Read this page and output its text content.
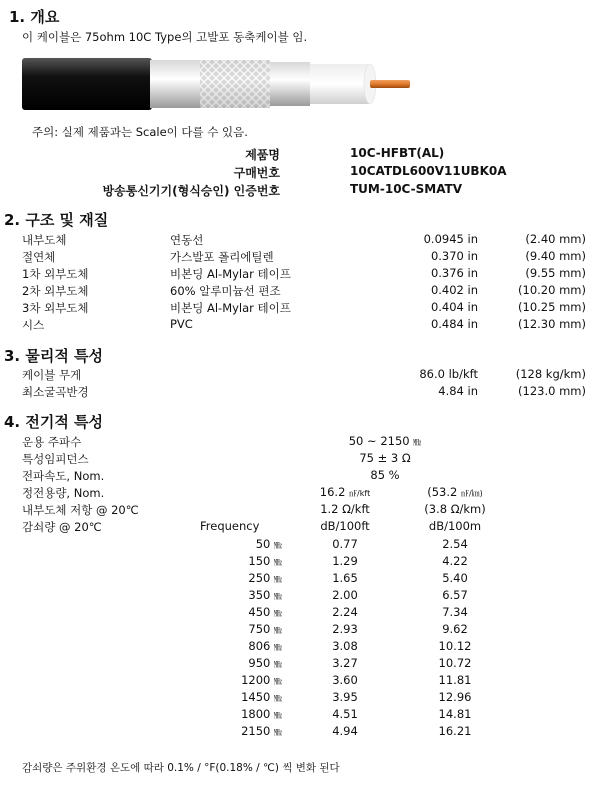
1. 개요
이 케이블은 75ohm 10C Type의 고발포 동축케이블 임.
주의: 실제 제품과는 Scale이 다를 수 있음.
제품명	10C-HFBT(AL)
구매번호	10CATDL600V11UBK0A
방송통신기기(형식승인) 인증번호	TUM-10C-SMATV
2. 구조 및 재질
내부도체	연동선	0.0945 in	(2.40 mm)
절연체	가스발포 폴리에틸렌	0.370 in	(9.40 mm)
1차 외부도체	비본딩 Al-Mylar 테이프	0.376 in	(9.55 mm)
2차 외부도체	60% 알루미늄선 편조	0.402 in	(10.20 mm)
3차 외부도체	비본딩 Al-Mylar 테이프	0.404 in	(10.25 mm)
시스	PVC	0.484 in	(12.30 mm)
3. 물리적 특성
케이블 무게	86.0 lb/kft	(128 kg/km)
최소굴곡반경	4.84 in	(123.0 mm)
4. 전기적 특성
운용 주파수	50 ~ 2150 ㎒
특성임피던스	75 ± 3 Ω
전파속도, Nom.	85 %
정전용량, Nom.	16.2 ㎋/kft	(53.2 ㎋/㎞)
내부도체 저항 @ 20℃	1.2 Ω/kft	(3.8 Ω/km)
감쇠량 @ 20℃	Frequency	dB/100ft	dB/100m
50 ㎒	0.77	2.54
150 ㎒	1.29	4.22
250 ㎒	1.65	5.40
350 ㎒	2.00	6.57
450 ㎒	2.24	7.34
750 ㎒	2.93	9.62
806 ㎒	3.08	10.12
950 ㎒	3.27	10.72
1200 ㎒	3.60	11.81
1450 ㎒	3.95	12.96
1800 ㎒	4.51	14.81
2150 ㎒	4.94	16.21
감쇠량은 주위환경 온도에 따라 0.1% / °F(0.18% / ℃) 씩 변화 된다
